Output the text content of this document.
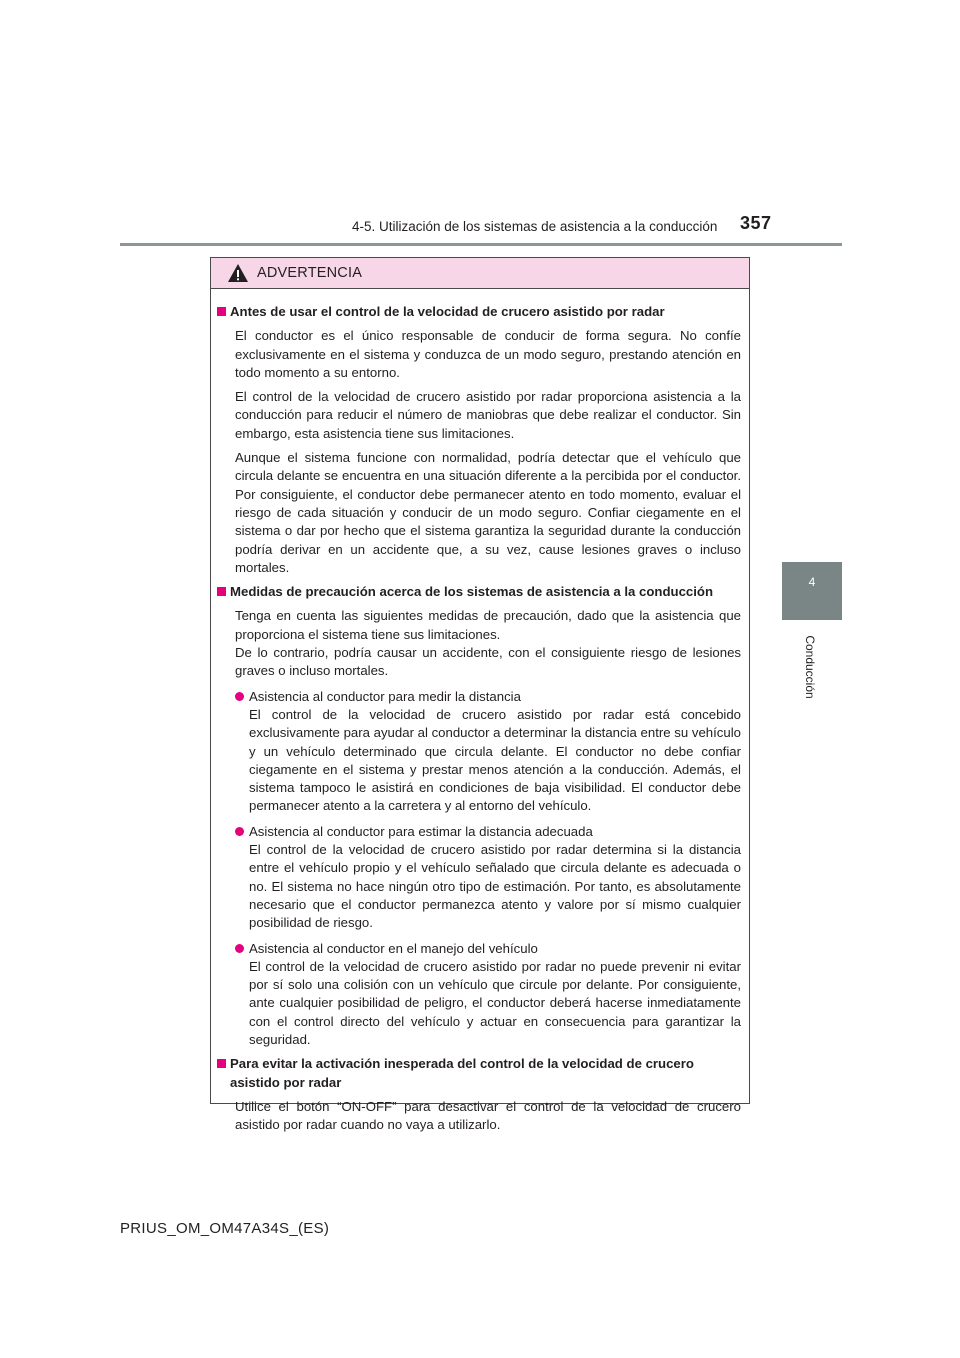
4-5. Utilización de los sistemas de asistencia a la conducción 357
4
Conducción
ADVERTENCIA
Antes de usar el control de la velocidad de crucero asistido por radar

El conductor es el único responsable de conducir de forma segura. No confíe exclusivamente en el sistema y conduzca de un modo seguro, prestando atención en todo momento a su entorno.

El control de la velocidad de crucero asistido por radar proporciona asistencia a la conducción para reducir el número de maniobras que debe realizar el conductor. Sin embargo, esta asistencia tiene sus limitaciones.

Aunque el sistema funcione con normalidad, podría detectar que el vehículo que circula delante se encuentra en una situación diferente a la percibida por el conductor. Por consiguiente, el conductor debe permanecer atento en todo momento, evaluar el riesgo de cada situación y conducir de un modo seguro. Confiar ciegamente en el sistema o dar por hecho que el sistema garantiza la seguridad durante la conducción podría derivar en un accidente que, a su vez, cause lesiones graves o incluso mortales.

Medidas de precaución acerca de los sistemas de asistencia a la conducción

Tenga en cuenta las siguientes medidas de precaución, dado que la asistencia que proporciona el sistema tiene sus limitaciones.
De lo contrario, podría causar un accidente, con el consiguiente riesgo de lesiones graves o incluso mortales.

Asistencia al conductor para medir la distancia
El control de la velocidad de crucero asistido por radar está concebido exclusivamente para ayudar al conductor a determinar la distancia entre su vehículo y un vehículo determinado que circula delante. El conductor no debe confiar ciegamente en el sistema y prestar menos atención a la conducción. Además, el sistema tampoco le asistirá en condiciones de baja visibilidad. El conductor debe permanecer atento a la carretera y al entorno del vehículo.
Asistencia al conductor para estimar la distancia adecuada
El control de la velocidad de crucero asistido por radar determina si la distancia entre el vehículo propio y el vehículo señalado que circula delante es adecuada o no. El sistema no hace ningún otro tipo de estimación. Por tanto, es absolutamente necesario que el conductor permanezca atento y valore por sí mismo cualquier posibilidad de riesgo.
Asistencia al conductor en el manejo del vehículo
El control de la velocidad de crucero asistido por radar no puede prevenir ni evitar por sí solo una colisión con un vehículo que circule por delante. Por consiguiente, ante cualquier posibilidad de peligro, el conductor deberá hacerse inmediatamente con el control directo del vehículo y actuar en consecuencia para garantizar la seguridad.
Para evitar la activación inesperada del control de la velocidad de crucero asistido por radar

Utilice el botón “ON-OFF” para desactivar el control de la velocidad de crucero asistido por radar cuando no vaya a utilizarlo.

PRIUS_OM_OM47A34S_(ES)
